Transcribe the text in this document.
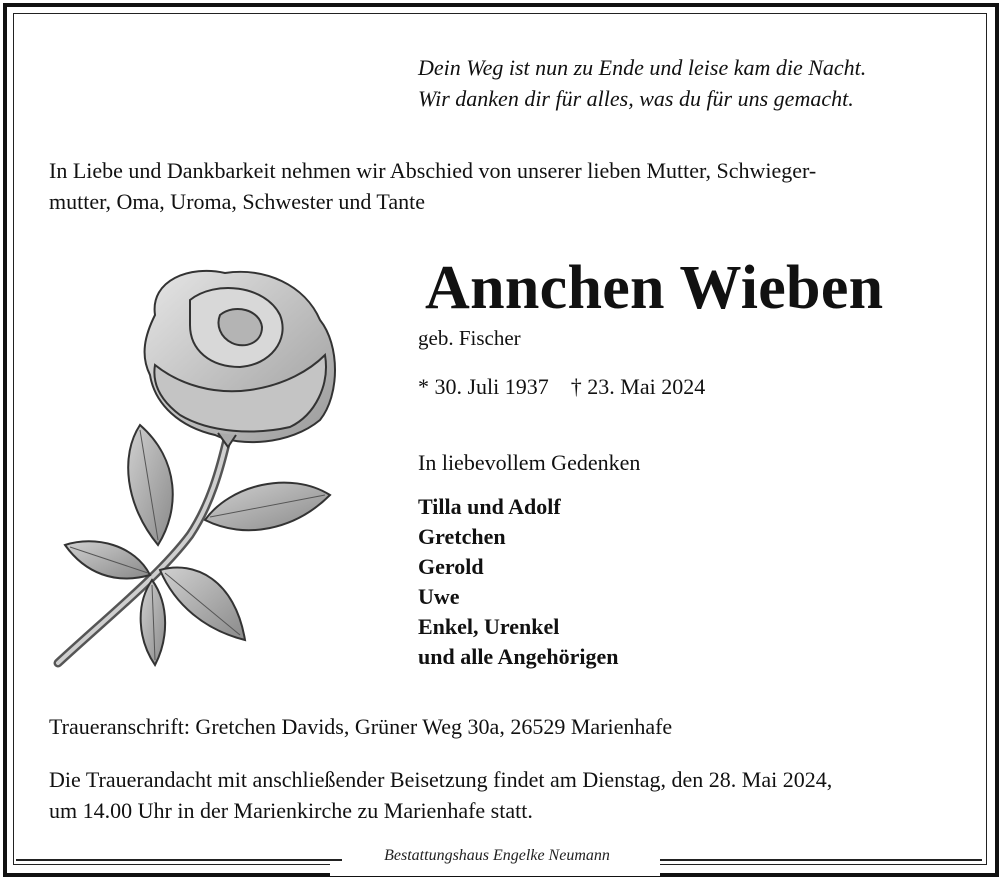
Dein Weg ist nun zu Ende und leise kam die Nacht.
Wir danken dir für alles, was du für uns gemacht.
In Liebe und Dankbarkeit nehmen wir Abschied von unserer lieben Mutter, Schwieger-
mutter, Oma, Uroma, Schwester und Tante
Annchen Wieben
geb. Fischer
* 30. Juli 1937 † 23. Mai 2024
In liebevollem Gedenken
Tilla und Adolf
Gretchen
Gerold
Uwe
Enkel, Urenkel
und alle Angehörigen
Traueranschrift: Gretchen Davids, Grüner Weg 30a, 26529 Marienhafe
Die Trauerandacht mit anschließender Beisetzung findet am Dienstag, den 28. Mai 2024,
um 14.00 Uhr in der Marienkirche zu Marienhafe statt.
Bestattungshaus Engelke Neumann
